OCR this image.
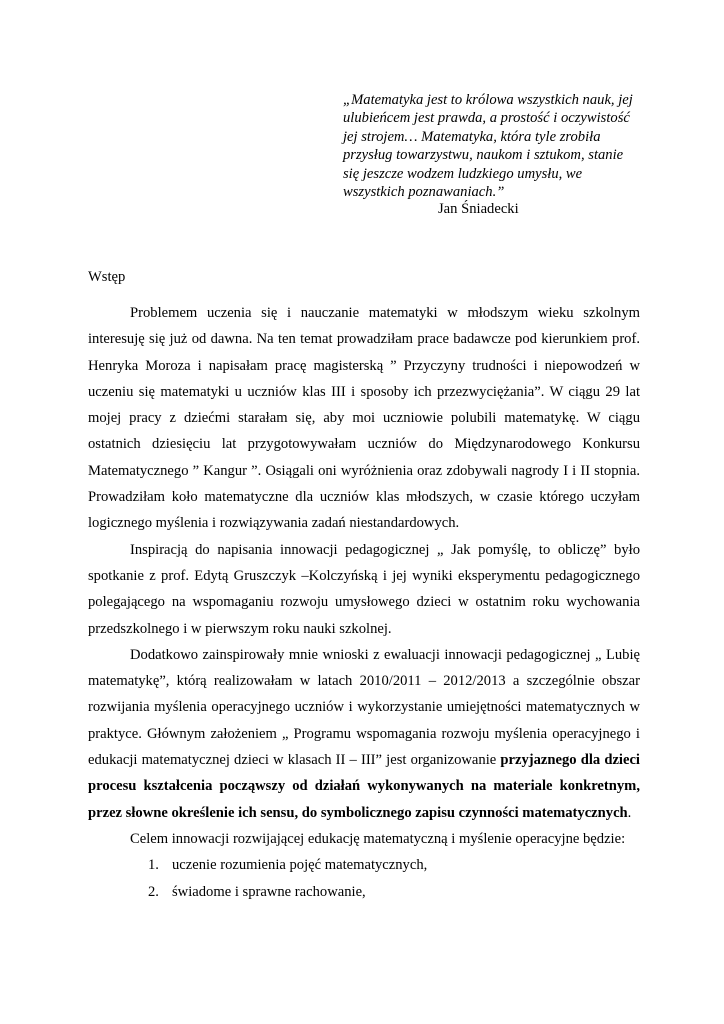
„Matematyka jest to królowa wszystkich nauk, jej
ulubieńcem jest prawda, a prostość i oczywistość
jej strojem… Matematyka, która tyle zrobiła
przysług towarzystwu, naukom i sztukom, stanie
się jeszcze wodzem ludzkiego umysłu, we
wszystkich poznawaniach.”
Jan Śniadecki
Wstęp

Problemem uczenia się i nauczanie matematyki w młodszym wieku szkolnym interesuję się już od dawna. Na ten temat prowadziłam prace badawcze pod kierunkiem prof. Henryka Moroza i napisałam pracę magisterską ” Przyczyny trudności i niepowodzeń w uczeniu się matematyki u uczniów klas III i sposoby ich przezwyciężania”. W ciągu 29 lat mojej pracy z dziećmi starałam się, aby moi uczniowie polubili matematykę. W ciągu ostatnich dziesięciu lat przygotowywałam uczniów do Międzynarodowego Konkursu Matematycznego ” Kangur ”. Osiągali oni wyróżnienia oraz zdobywali nagrody I i II stopnia. Prowadziłam koło matematyczne dla uczniów klas młodszych, w czasie którego uczyłam logicznego myślenia i rozwiązywania zadań niestandardowych.

Inspiracją do napisania innowacji pedagogicznej „ Jak pomyślę, to obliczę” było spotkanie z prof. Edytą Gruszczyk –Kolczyńską i jej wyniki eksperymentu pedagogicznego polegającego na wspomaganiu rozwoju umysłowego dzieci w ostatnim roku wychowania przedszkolnego i w pierwszym roku nauki szkolnej.

Dodatkowo zainspirowały mnie wnioski z ewaluacji innowacji pedagogicznej „ Lubię matematykę”, którą realizowałam w latach 2010/2011 – 2012/2013 a szczególnie obszar rozwijania myślenia operacyjnego uczniów i wykorzystanie umiejętności matematycznych w praktyce. Głównym założeniem „ Programu wspomagania rozwoju myślenia operacyjnego i edukacji matematycznej dzieci w klasach II – III” jest organizowanie przyjaznego dla dzieci procesu kształcenia począwszy od działań wykonywanych na materiale konkretnym, przez słowne określenie ich sensu, do symbolicznego zapisu czynności matematycznych.

Celem innowacji rozwijającej edukację matematyczną i myślenie operacyjne będzie:

1. uczenie rozumienia pojęć matematycznych,
2. świadome i sprawne rachowanie,
